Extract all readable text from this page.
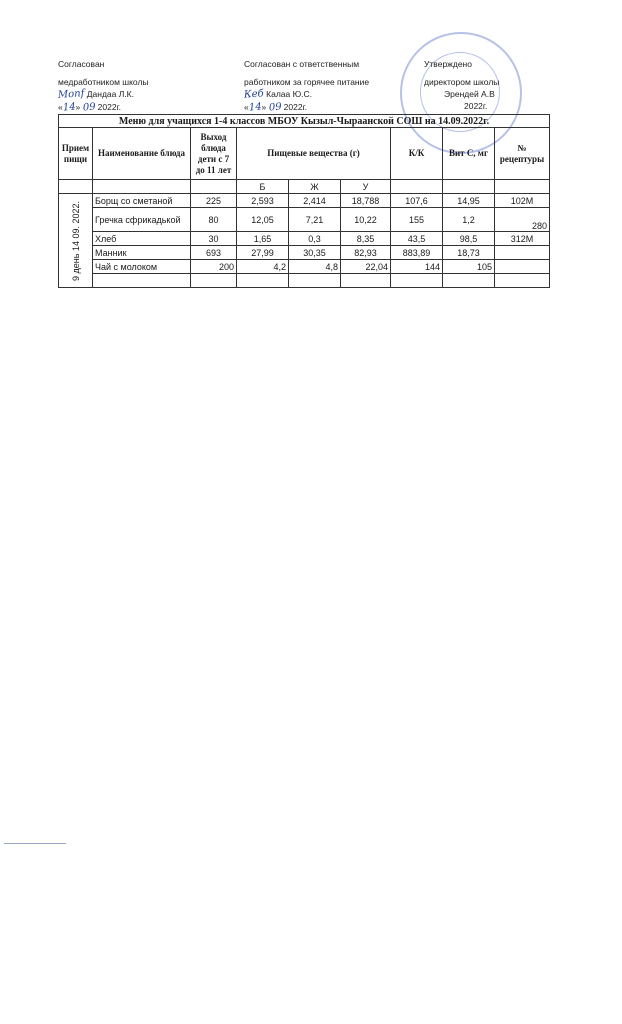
Согласован
медработником школы
Monf Дандаа Л.К.
«14» 09 2022г.
Согласован с ответственным
работником за горячее питание
Кеб Калаа Ю.С.
«14» 09 2022г.
Утверждено
директором школы
Эрендей А.В
2022г.
Меню для учащихся 1-4 классов МБОУ Кызыл-Чыраанской СОШ на 14.09.2022г.								
Прием пищи	Наименование блюда	Выход блюда дети с 7 до 11 лет	Пищевые вещества (г)			К/К	Вит С, мг	№ рецептуры
			Б	Ж	У			

9 день 14 09. 2022.	Борщ со сметаной	225	2,593	2,414	18,788	107,6	14,95	102М
	Гречка сфрикадькой	80	12,05	7,21	10,22	155	1,2	280
	Хлеб	30	1,65	0,3	8,35	43,5	98,5	312М
	Манник	693	27,99	30,35	82,93	883,89	18,73	
	Чай с молоком	200	4,2	4,8	22,04	144	105	
